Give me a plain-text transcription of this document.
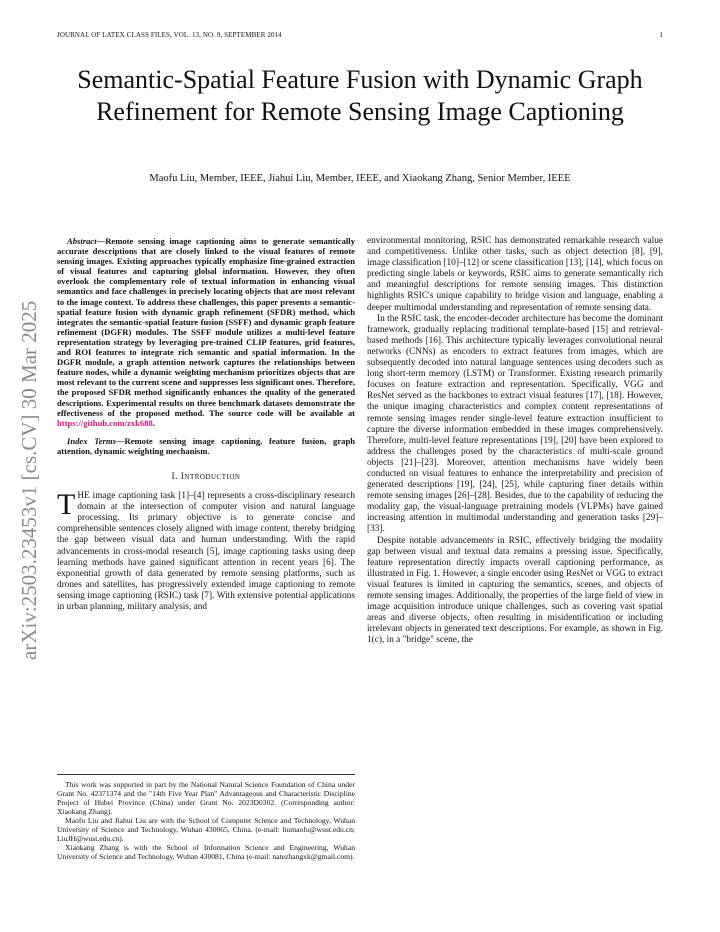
JOURNAL OF LATEX CLASS FILES, VOL. 13, NO. 9, SEPTEMBER 2014	1
Semantic-Spatial Feature Fusion with Dynamic Graph Refinement for Remote Sensing Image Captioning
Maofu Liu, Member, IEEE, Jiahui Liu, Member, IEEE, and Xiaokang Zhang, Senior Member, IEEE
arXiv:2503.23453v1 [cs.CV] 30 Mar 2025

Abstract—Remote sensing image captioning aims to generate semantically accurate descriptions that are closely linked to the visual features of remote sensing images. Existing approaches typically emphasize fine-grained extraction of visual features and capturing global information. However, they often overlook the complementary role of textual information in enhancing visual semantics and face challenges in precisely locating objects that are most relevant to the image context. To address these challenges, this paper presents a semantic-spatial feature fusion with dynamic graph refinement (SFDR) method, which integrates the semantic-spatial feature fusion (SSFF) and dynamic graph feature refinement (DGFR) modules. The SSFF module utilizes a multi-level feature representation strategy by leveraging pre-trained CLIP features, grid features, and ROI features to integrate rich semantic and spatial information. In the DGFR module, a graph attention network captures the relationships between feature nodes, while a dynamic weighting mechanism prioritizes objects that are most relevant to the current scene and suppresses less significant ones. Therefore, the proposed SFDR method significantly enhances the quality of the generated descriptions. Experimental results on three benchmark datasets demonstrate the effectiveness of the proposed method. The source code will be available at https://github.com/zxk688.

Index Terms—Remote sensing image captioning, feature fusion, graph attention, dynamic weighting mechanism.

I. Introduction

THE image captioning task [1]–[4] represents a cross-disciplinary research domain at the intersection of computer vision and natural language processing. Its primary objective is to generate concise and comprehensible sentences closely aligned with image content, thereby bridging the gap between visual data and human understanding. With the rapid advancements in cross-modal research [5], image captioning tasks using deep learning methods have gained significant attention in recent years [6]. The exponential growth of data generated by remote sensing platforms, such as drones and satellites, has progressively extended image captioning to remote sensing image captioning (RSIC) task [7]. With extensive potential applications in urban planning, military analysis, and

environmental monitoring, RSIC has demonstrated remarkable research value and competitiveness. Unlike other tasks, such as object detection [8], [9], image classification [10]–[12] or scene classification [13], [14], which focus on predicting single labels or keywords, RSIC aims to generate semantically rich and meaningful descriptions for remote sensing images. This distinction highlights RSIC's unique capability to bridge vision and language, enabling a deeper multimodal understanding and representation of remote sensing data.

In the RSIC task, the encoder-decoder architecture has become the dominant framework, gradually replacing traditional template-based [15] and retrieval-based methods [16]. This architecture typically leverages convolutional neural networks (CNNs) as encoders to extract features from images, which are subsequently decoded into natural language sentences using decoders such as long short-term memory (LSTM) or Transformer. Existing research primarily focuses on feature extraction and representation. Specifically, VGG and ResNet served as the backbones to extract visual features [17], [18]. However, the unique imaging characteristics and complex content representations of remote sensing images render single-level feature extraction insufficient to capture the diverse information embedded in these images comprehensively. Therefore, multi-level feature representations [19], [20] have been explored to address the challenges posed by the characteristics of multi-scale ground objects [21]–[23]. Moreover, attention mechanisms have widely been conducted on visual features to enhance the interpretability and precision of generated descriptions [19], [24], [25], while capturing finer details within remote sensing images [26]–[28]. Besides, due to the capability of reducing the modality gap, the visual-language pretraining models (VLPMs) have gained increasing attention in multimodal understanding and generation tasks [29]–[33].

Despite notable advancements in RSIC, effectively bridging the modality gap between visual and textual data remains a pressing issue. Specifically, feature representation directly impacts overall captioning performance, as illustrated in Fig. 1. However, a single encoder using ResNet or VGG to extract visual features is limited in capturing the semantics, scenes, and objects of remote sensing images. Additionally, the properties of the large field of view in image acquisition introduce unique challenges, such as covering vast spatial areas and diverse objects, often resulting in misidentification or including irrelevant objects in generated text descriptions. For example, as shown in Fig. 1(c), in a "bridge" scene, the

This work was supported in part by the National Natural Science Foundation of China under Grant No. 42371374 and the "14th Five Year Plan" Advantageous and Characteristic Discipline Project of Hubei Province (China) under Grant No. 2023D0302. (Corresponding author: Xiaokang Zhang).

Maofu Liu and Jiahui Liu are with the School of Computer Science and Technology, Wuhan University of Science and Technology, Wuhan 430065, China. (e-mail: liumaofu@wust.edu.cn; LiuJH@wust.edu.cn).

Xiaokang Zhang is with the School of Information Science and Engineering, Wuhan University of Science and Technology, Wuhan 430081, China (e-mail: natezhangxk@gmail.com).
